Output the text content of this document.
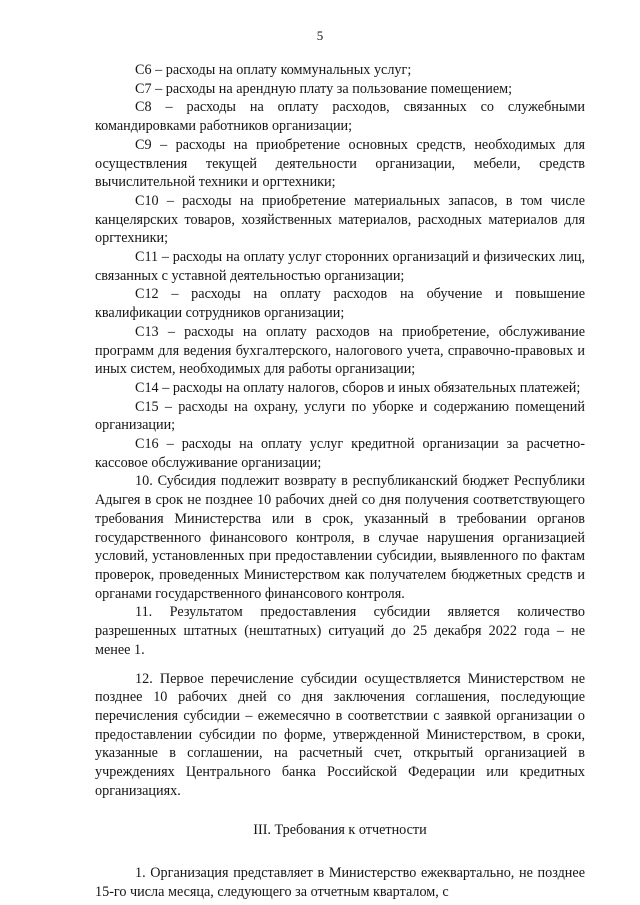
5

С6 – расходы на оплату коммунальных услуг;

С7 – расходы на арендную плату за пользование помещением;

С8 – расходы на оплату расходов, связанных со служебными командировками работников организации;

С9 – расходы на приобретение основных средств, необходимых для осуществления текущей деятельности организации, мебели, средств вычислительной техники и оргтехники;

С10 – расходы на приобретение материальных запасов, в том числе канцелярских товаров, хозяйственных материалов, расходных материалов для оргтехники;

С11 – расходы на оплату услуг сторонних организаций и физических лиц, связанных с уставной деятельностью организации;

С12 – расходы на оплату расходов на обучение и повышение квалификации сотрудников организации;

С13 – расходы на оплату расходов на приобретение, обслуживание программ для ведения бухгалтерского, налогового учета, справочно-правовых и иных систем, необходимых для работы организации;

С14 – расходы на оплату налогов, сборов и иных обязательных платежей;

С15 – расходы на охрану, услуги по уборке и содержанию помещений организации;

С16 – расходы на оплату услуг кредитной организации за расчетно-кассовое обслуживание организации;

10. Субсидия подлежит возврату в республиканский бюджет Республики Адыгея в срок не позднее 10 рабочих дней со дня получения соответствующего требования Министерства или в срок, указанный в требовании органов государственного финансового контроля, в случае нарушения организацией условий, установленных при предоставлении субсидии, выявленного по фактам проверок, проведенных Министерством как получателем бюджетных средств и органами государственного финансового контроля.

11. Результатом предоставления субсидии является количество разрешенных штатных (нештатных) ситуаций до 25 декабря 2022 года – не менее 1.

12. Первое перечисление субсидии осуществляется Министерством не позднее 10 рабочих дней со дня заключения соглашения, последующие перечисления субсидии – ежемесячно в соответствии с заявкой организации о предоставлении субсидии по форме, утвержденной Министерством, в сроки, указанные в соглашении, на расчетный счет, открытый организацией в учреждениях Центрального банка Российской Федерации или кредитных организациях.

III. Требования к отчетности

1. Организация представляет в Министерство ежеквартально, не позднее 15-го числа месяца, следующего за отчетным кварталом, с
